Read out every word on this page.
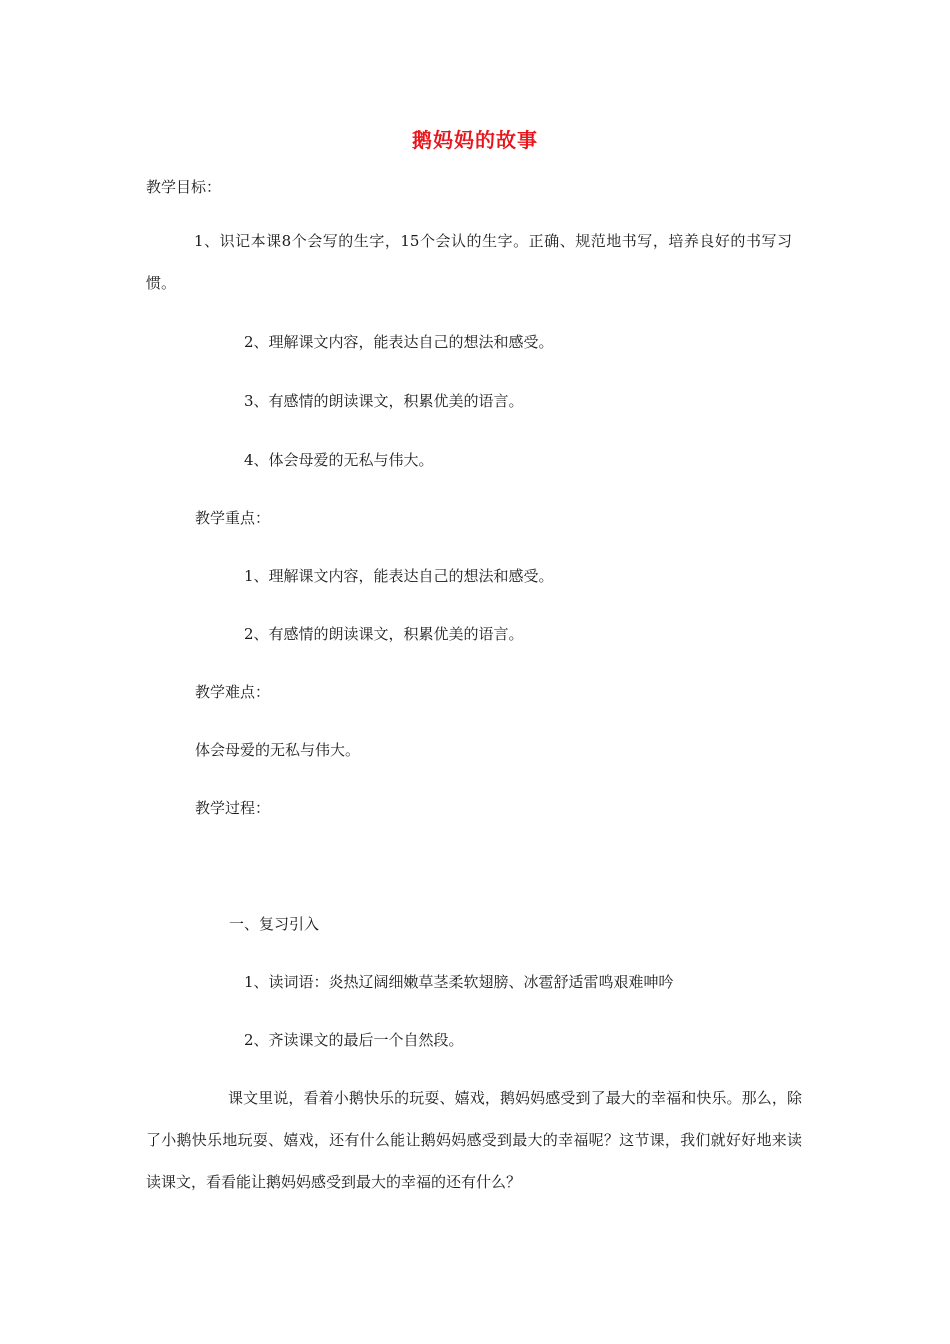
鹅妈妈的故事

教学目标：

1、识记本课8个会写的生字，15个会认的生字。正确、规范地书写，培养良好的书写习惯。

2、理解课文内容，能表达自己的想法和感受。

3、有感情的朗读课文，积累优美的语言。

4、体会母爱的无私与伟大。

教学重点：

1、理解课文内容，能表达自己的想法和感受。

2、有感情的朗读课文，积累优美的语言。

教学难点：

体会母爱的无私与伟大。

教学过程：

一、复习引入

1、读词语：炎热辽阔细嫩草茎柔软翅膀、冰雹舒适雷鸣艰难呻吟

2、齐读课文的最后一个自然段。

课文里说，看着小鹅快乐的玩耍、嬉戏，鹅妈妈感受到了最大的幸福和快乐。那么，除了小鹅快乐地玩耍、嬉戏，还有什么能让鹅妈妈感受到最大的幸福呢？这节课，我们就好好地来读读课文，看看能让鹅妈妈感受到最大的幸福的还有什么？
